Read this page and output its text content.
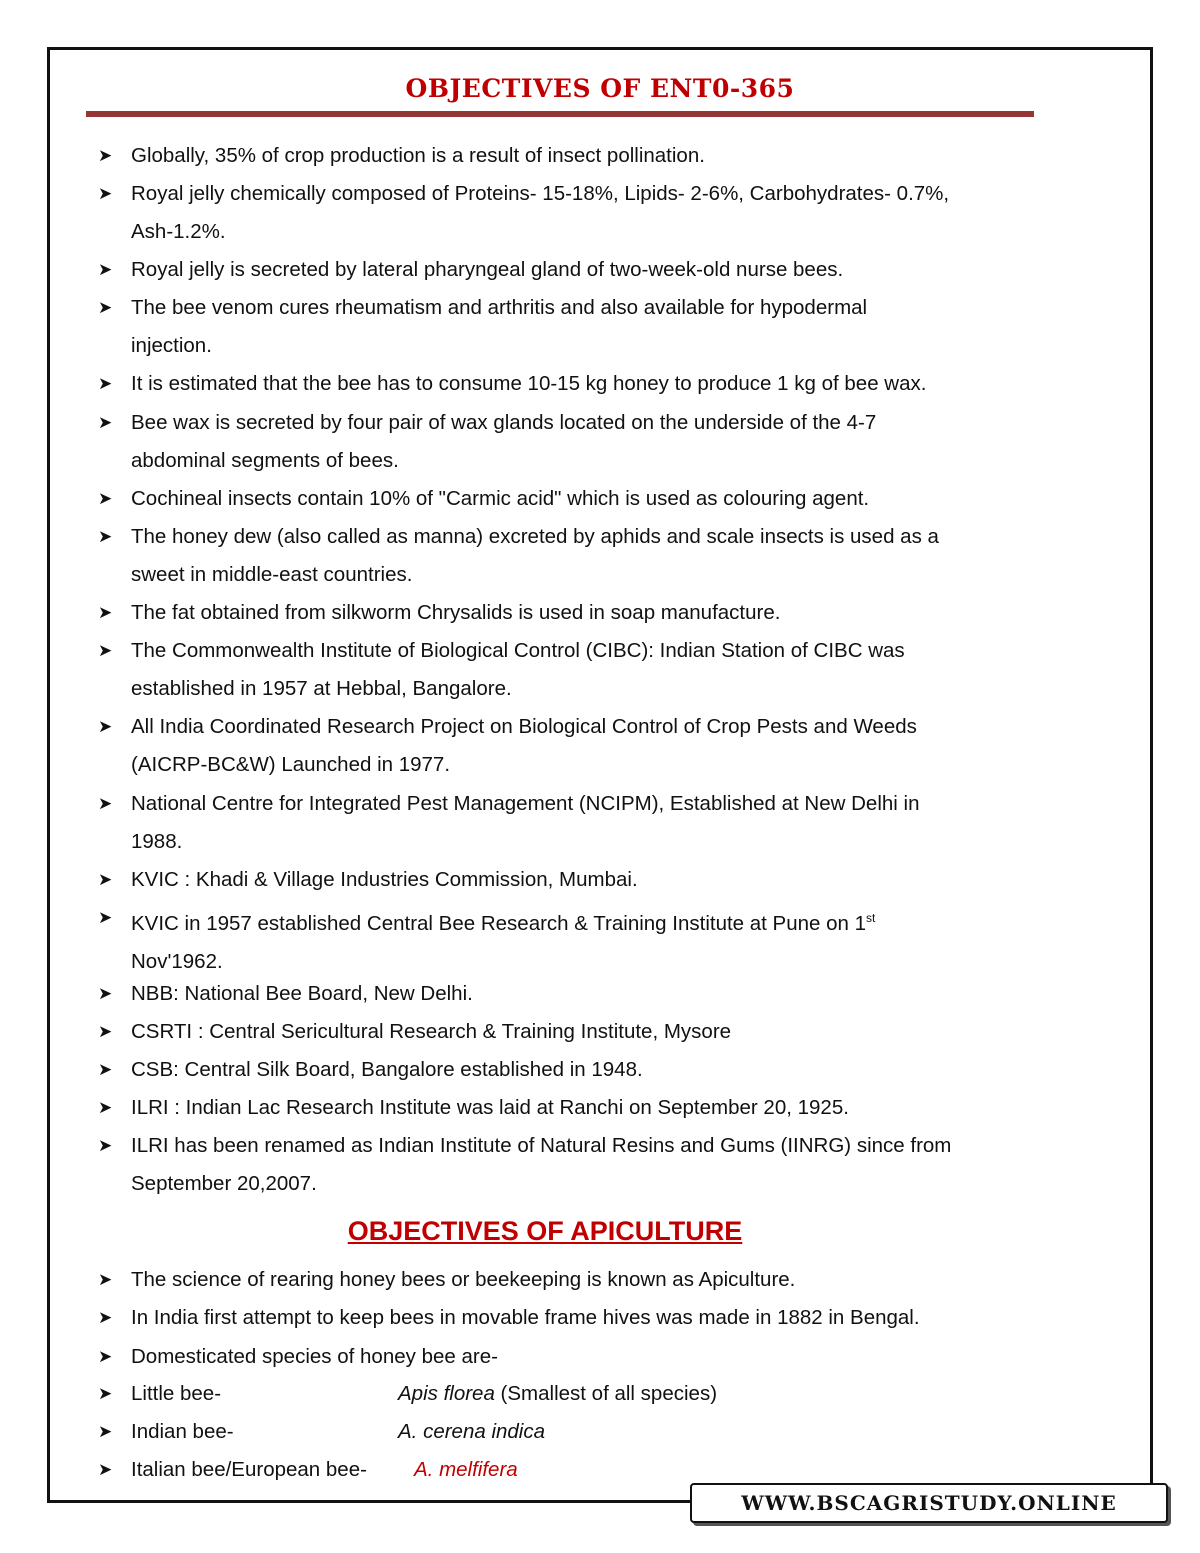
OBJECTIVES OF ENT0-365
➤ Globally, 35% of crop production is a result of insect pollination.
➤ Royal jelly chemically composed of Proteins- 15-18%, Lipids- 2-6%, Carbohydrates- 0.7%,
Ash-1.2%.
➤ Royal jelly is secreted by lateral pharyngeal gland of two-week-old nurse bees.
➤ The bee venom cures rheumatism and arthritis and also available for hypodermal
injection.
➤ It is estimated that the bee has to consume 10-15 kg honey to produce 1 kg of bee wax.
➤ Bee wax is secreted by four pair of wax glands located on the underside of the 4-7
abdominal segments of bees.
➤ Cochineal insects contain 10% of "Carmic acid" which is used as colouring agent.
➤ The honey dew (also called as manna) excreted by aphids and scale insects is used as a
sweet in middle-east countries.
➤ The fat obtained from silkworm Chrysalids is used in soap manufacture.
➤ The Commonwealth Institute of Biological Control (CIBC): Indian Station of CIBC was
established in 1957 at Hebbal, Bangalore.
➤ All India Coordinated Research Project on Biological Control of Crop Pests and Weeds
(AICRP-BC&W) Launched in 1977.
➤ National Centre for Integrated Pest Management (NCIPM), Established at New Delhi in
1988.
➤ KVIC : Khadi & Village Industries Commission, Mumbai.
➤ KVIC in 1957 established Central Bee Research & Training Institute at Pune on 1st
Nov'1962.
➤ NBB: National Bee Board, New Delhi.
➤ CSRTI : Central Sericultural Research & Training Institute, Mysore
➤ CSB: Central Silk Board, Bangalore established in 1948.
➤ ILRI : Indian Lac Research Institute was laid at Ranchi on September 20, 1925.
➤ ILRI has been renamed as Indian Institute of Natural Resins and Gums (IINRG) since from
September 20,2007.
OBJECTIVES OF APICULTURE
➤ The science of rearing honey bees or beekeeping is known as Apiculture.
➤ In India first attempt to keep bees in movable frame hives was made in 1882 in Bengal.
➤ Domesticated species of honey bee are-
➤ Little bee-	Apis florea (Smallest of all species)
➤ Indian bee-	A. cerena indica
➤ Italian bee/European bee- A. melfifera
WWW.BSCAGRISTUDY.ONLINE
